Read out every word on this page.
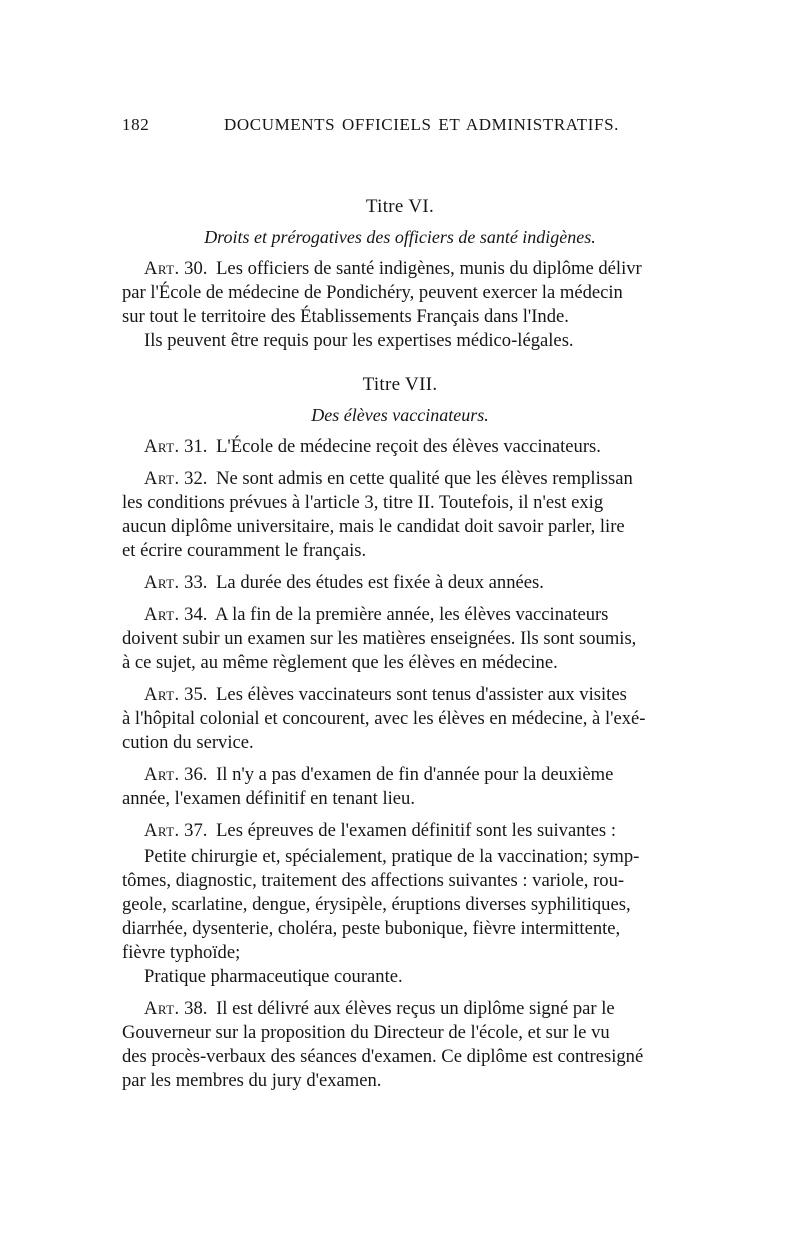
182	DOCUMENTS OFFICIELS ET ADMINISTRATIFS.
Titre VI.
Droits et prérogatives des officiers de santé indigènes.

Art. 30. Les officiers de santé indigènes, munis du diplôme délivr
par l'École de médecine de Pondichéry, peuvent exercer la médecin
sur tout le territoire des Établissements Français dans l'Inde.

Ils peuvent être requis pour les expertises médico-légales.

Titre VII.
Des élèves vaccinateurs.

Art. 31. L'École de médecine reçoit des élèves vaccinateurs.

Art. 32. Ne sont admis en cette qualité que les élèves remplissan
les conditions prévues à l'article 3, titre II. Toutefois, il n'est exig
aucun diplôme universitaire, mais le candidat doit savoir parler, lire
et écrire couramment le français.

Art. 33. La durée des études est fixée à deux années.

Art. 34. A la fin de la première année, les élèves vaccinateurs
doivent subir un examen sur les matières enseignées. Ils sont soumis,
à ce sujet, au même règlement que les élèves en médecine.

Art. 35. Les élèves vaccinateurs sont tenus d'assister aux visites
à l'hôpital colonial et concourent, avec les élèves en médecine, à l'exé-
cution du service.

Art. 36. Il n'y a pas d'examen de fin d'année pour la deuxième
année, l'examen définitif en tenant lieu.

Art. 37. Les épreuves de l'examen définitif sont les suivantes :

Petite chirurgie et, spécialement, pratique de la vaccination; symp-
tômes, diagnostic, traitement des affections suivantes : variole, rou-
geole, scarlatine, dengue, érysipèle, éruptions diverses syphilitiques,
diarrhée, dysenterie, choléra, peste bubonique, fièvre intermittente,
fièvre typhoïde;

Pratique pharmaceutique courante.

Art. 38. Il est délivré aux élèves reçus un diplôme signé par le
Gouverneur sur la proposition du Directeur de l'école, et sur le vu
des procès-verbaux des séances d'examen. Ce diplôme est contresigné
par les membres du jury d'examen.
